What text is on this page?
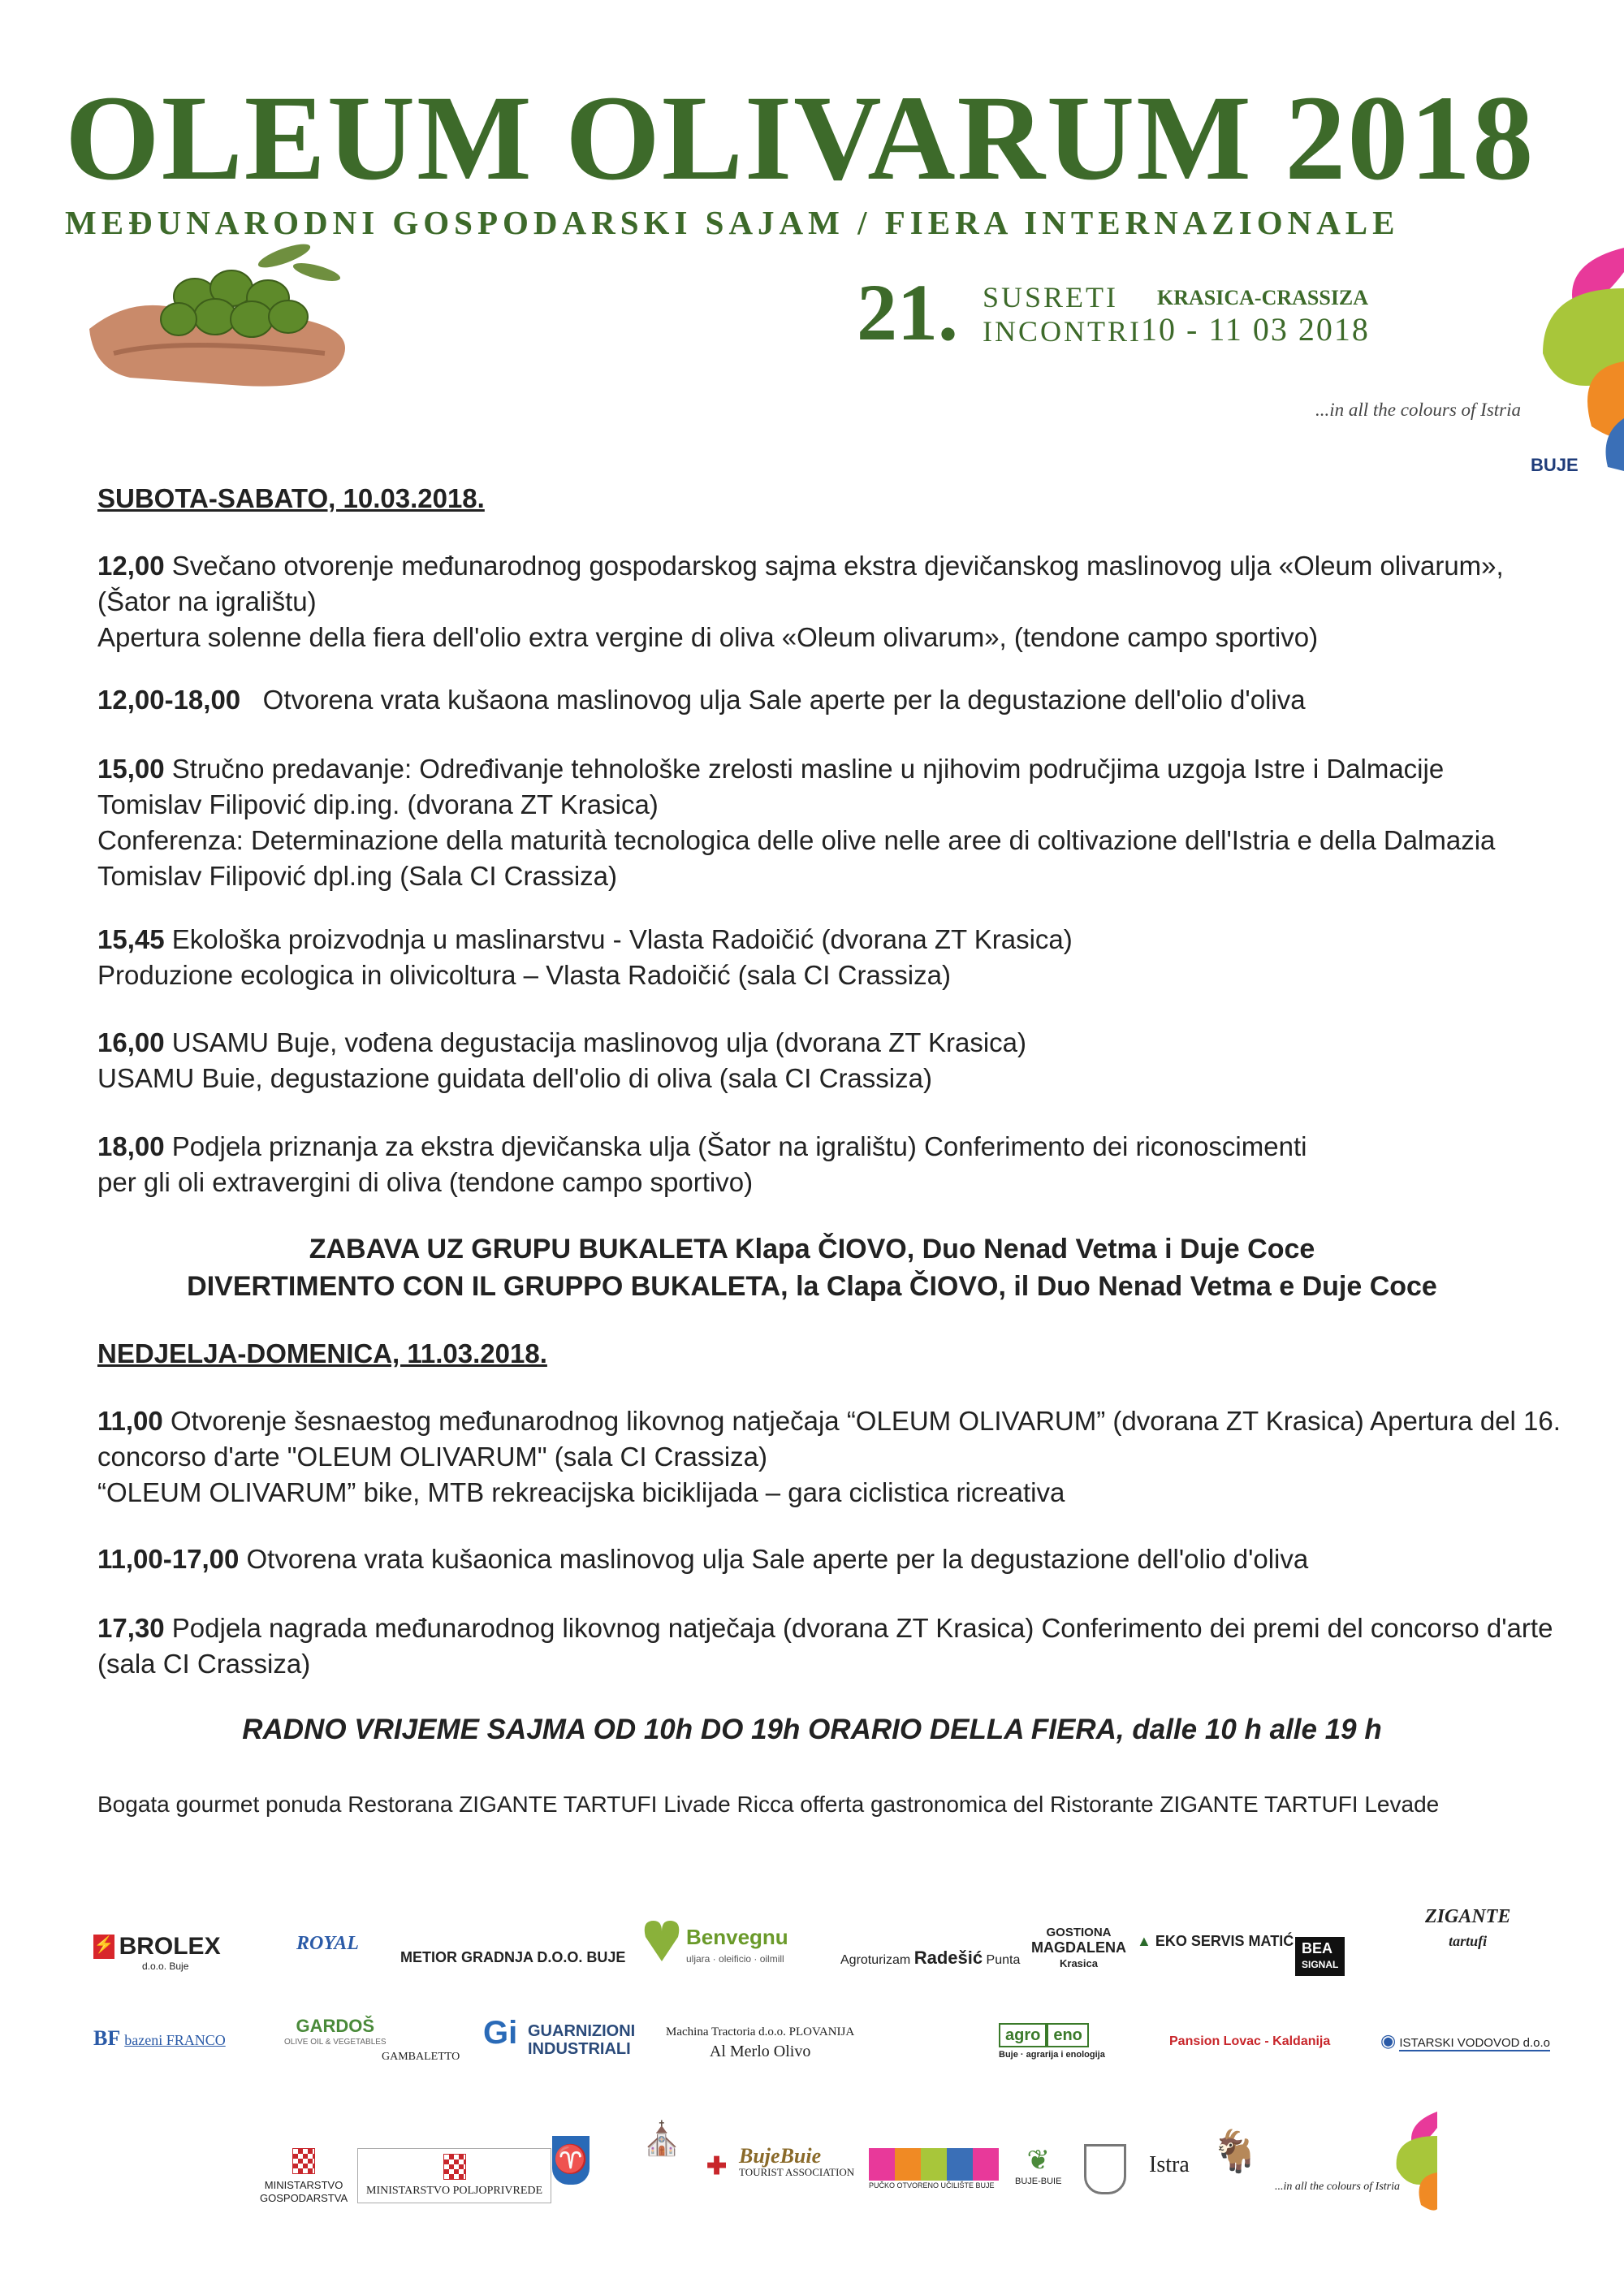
OLEUM OLIVARUM 2018
MEĐUNARODNI GOSPODARSKI SAJAM / FIERA INTERNAZIONALE
21. SUSRETI
INCONTRI
KRASICA-CRASSIZA
10 - 11 03 2018
...in all the colours of Istria
BUJE
SUBOTA-SABATO, 10.03.2018.
12,00 Svečano otvorenje međunarodnog gospodarskog sajma ekstra djevičanskog maslinovog ulja «Oleum olivarum»,
(Šator na igralištu)
Apertura solenne della fiera dell'olio extra vergine di oliva «Oleum olivarum», (tendone campo sportivo)
12,00-18,00 Otvorena vrata kušaona maslinovog ulja Sale aperte per la degustazione dell'olio d'oliva
15,00 Stručno predavanje: Određivanje tehnološke zrelosti masline u njihovim područjima uzgoja Istre i Dalmacije
Tomislav Filipović dip.ing. (dvorana ZT Krasica)
Conferenza: Determinazione della maturità tecnologica delle olive nelle aree di coltivazione dell'Istria e della Dalmazia
Tomislav Filipović dpl.ing (Sala CI Crassiza)
15,45 Ekološka proizvodnja u maslinarstvu - Vlasta Radoičić (dvorana ZT Krasica)
Produzione ecologica in olivicoltura – Vlasta Radoičić (sala CI Crassiza)
16,00 USAMU Buje, vođena degustacija maslinovog ulja (dvorana ZT Krasica)
USAMU Buie, degustazione guidata dell'olio di oliva (sala CI Crassiza)
18,00 Podjela priznanja za ekstra djevičanska ulja (Šator na igralištu) Conferimento dei riconoscimenti
per gli oli extravergini di oliva (tendone campo sportivo)
ZABAVA UZ GRUPU BUKALETA Klapa ČIOVO, Duo Nenad Vetma i Duje Coce
DIVERTIMENTO CON IL GRUPPO BUKALETA, la Clapa ČIOVO, il Duo Nenad Vetma e Duje Coce
NEDJELJA-DOMENICA, 11.03.2018.
11,00 Otvorenje šesnaestog međunarodnog likovnog natječaja “OLEUM OLIVARUM” (dvorana ZT Krasica) Apertura del 16.
concorso d'arte "OLEUM OLIVARUM" (sala CI Crassiza)
“OLEUM OLIVARUM” bike, MTB rekreacijska biciklijada – gara ciclistica ricreativa
11,00-17,00 Otvorena vrata kušaonica maslinovog ulja Sale aperte per la degustazione dell'olio d'oliva
17,30 Podjela nagrada međunarodnog likovnog natječaja (dvorana ZT Krasica) Conferimento dei premi del concorso d'arte
(sala CI Crassiza)
RADNO VRIJEME SAJMA OD 10h DO 19h ORARIO DELLA FIERA, dalle 10 h alle 19 h
Bogata gourmet ponuda Restorana ZIGANTE TARTUFI Livade Ricca offerta gastronomica del Ristorante ZIGANTE TARTUFI Levade
⚡ BROLEX
d.o.o. Buje
ROYAL
METIOR GRADNJA D.O.O. BUJE
Benvegnu
uljara · oleificio · oilmill	Agroturizam Radešić Punta
GOSTIONA
MAGDALENA
Krasica
▲ EKO SERVIS MATIĆ BEA
SIGNAL
ZIGANTE
tartufi
BF bazeni FRANCO
GARDOŠ
OLIVE OIL & VEGETABLES
GAMBALETTO
Gi GUARNIZIONI
INDUSTRIALI
Machina Tractoria d.o.o. PLOVANIJA
Al Merlo Olivo
agro eno
Buje · agrarija i enologija
Pansion Lovac - Kaldanija	◉ ISTARSKI VODOVOD d.o.o
MINISTARSTVO
GOSPODARSTVA
MINISTARSTVO POLJOPRIVREDE
♈
⛪
✚ BujeBuie
TOURIST ASSOCIATION
PUČKO OTVORENO UČILIŠTE BUJE
❦
BUJE-BUIE
Istra 🐐
...in all the colours of Istria
